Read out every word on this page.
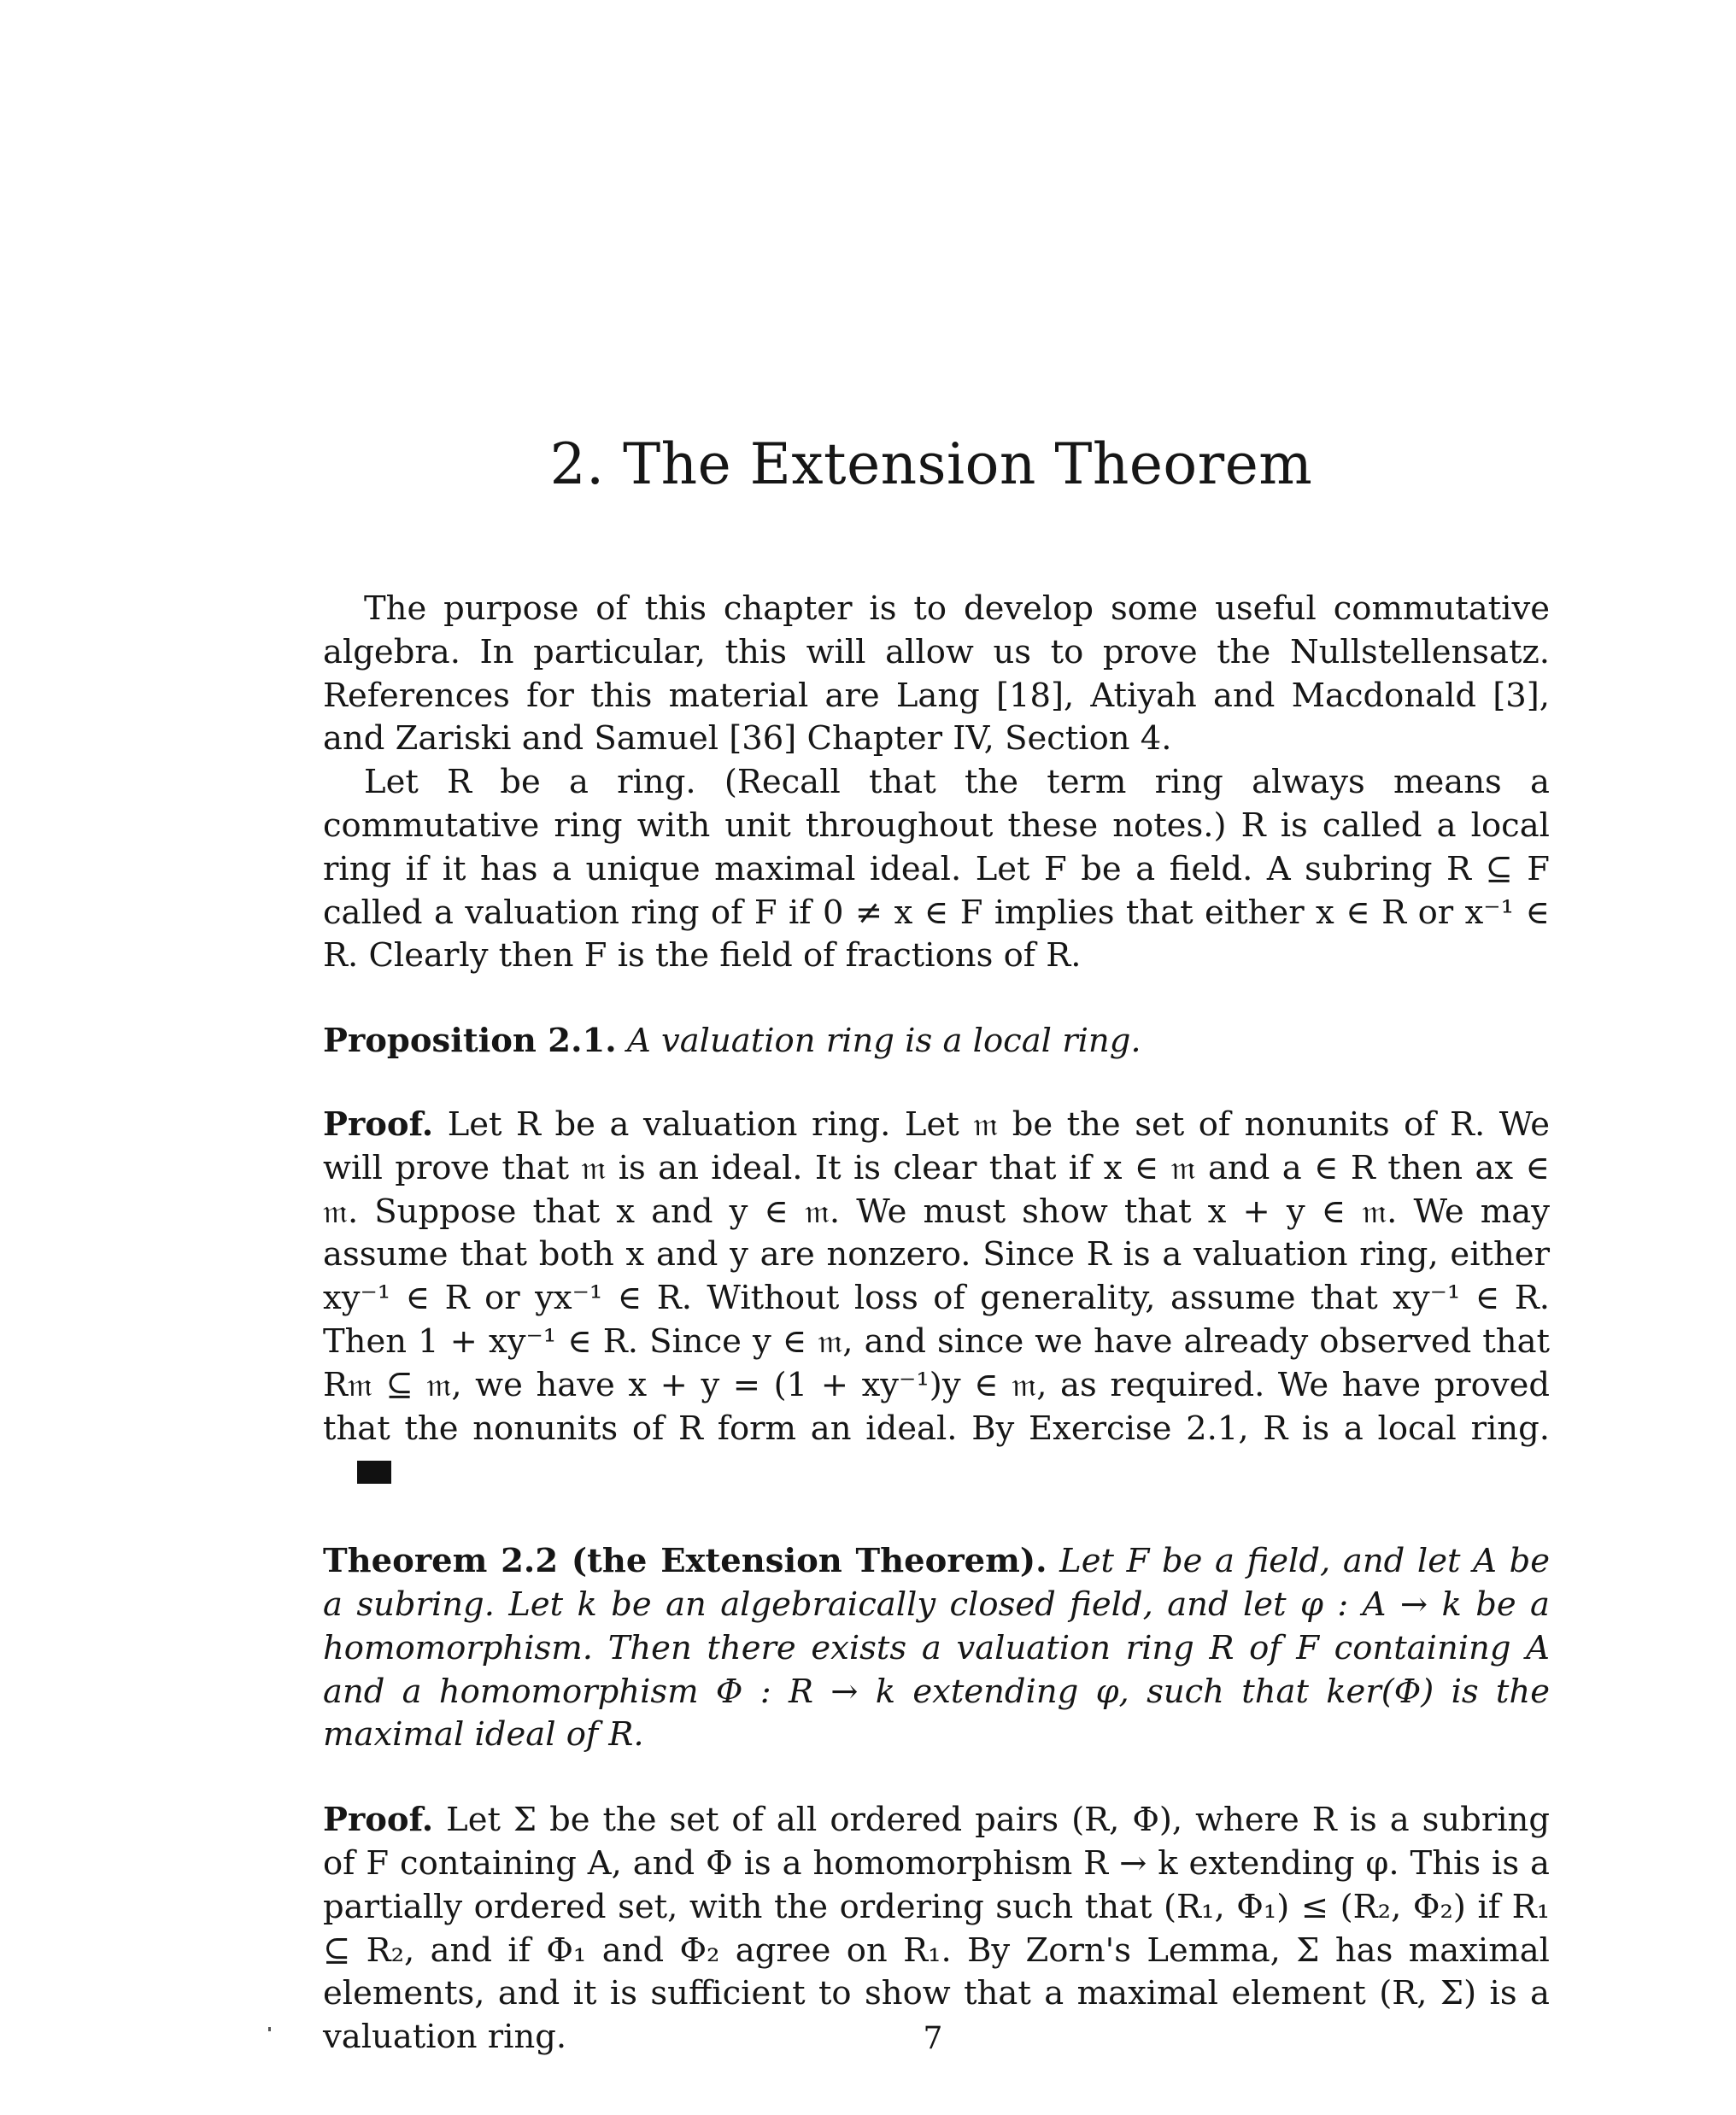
2. The Extension Theorem

The purpose of this chapter is to develop some useful commutative algebra. In particular, this will allow us to prove the Nullstellensatz. References for this material are Lang [18], Atiyah and Macdonald [3], and Zariski and Samuel [36] Chapter IV, Section 4.

Let R be a ring. (Recall that the term ring always means a commutative ring with unit throughout these notes.) R is called a local ring if it has a unique maximal ideal. Let F be a field. A subring R ⊆ F called a valuation ring of F if 0 ≠ x ∈ F implies that either x ∈ R or x⁻¹ ∈ R. Clearly then F is the field of fractions of R.

Proposition 2.1. A valuation ring is a local ring.

Proof. Let R be a valuation ring. Let 𝔪 be the set of nonunits of R. We will prove that 𝔪 is an ideal. It is clear that if x ∈ 𝔪 and a ∈ R then ax ∈ 𝔪. Suppose that x and y ∈ 𝔪. We must show that x + y ∈ 𝔪. We may assume that both x and y are nonzero. Since R is a valuation ring, either xy⁻¹ ∈ R or yx⁻¹ ∈ R. Without loss of generality, assume that xy⁻¹ ∈ R. Then 1 + xy⁻¹ ∈ R. Since y ∈ 𝔪, and since we have already observed that R𝔪 ⊆ 𝔪, we have x + y = (1 + xy⁻¹)y ∈ 𝔪, as required. We have proved that the nonunits of R form an ideal. By Exercise 2.1, R is a local ring.

Theorem 2.2 (the Extension Theorem). Let F be a field, and let A be a subring. Let k be an algebraically closed field, and let φ : A → k be a homomorphism. Then there exists a valuation ring R of F containing A and a homomorphism Φ : R → k extending φ, such that ker(Φ) is the maximal ideal of R.

Proof. Let Σ be the set of all ordered pairs (R, Φ), where R is a subring of F containing A, and Φ is a homomorphism R → k extending φ. This is a partially ordered set, with the ordering such that (R₁, Φ₁) ≤ (R₂, Φ₂) if R₁ ⊆ R₂, and if Φ₁ and Φ₂ agree on R₁. By Zorn's Lemma, Σ has maximal elements, and it is sufficient to show that a maximal element (R, Σ) is a valuation ring.	7
